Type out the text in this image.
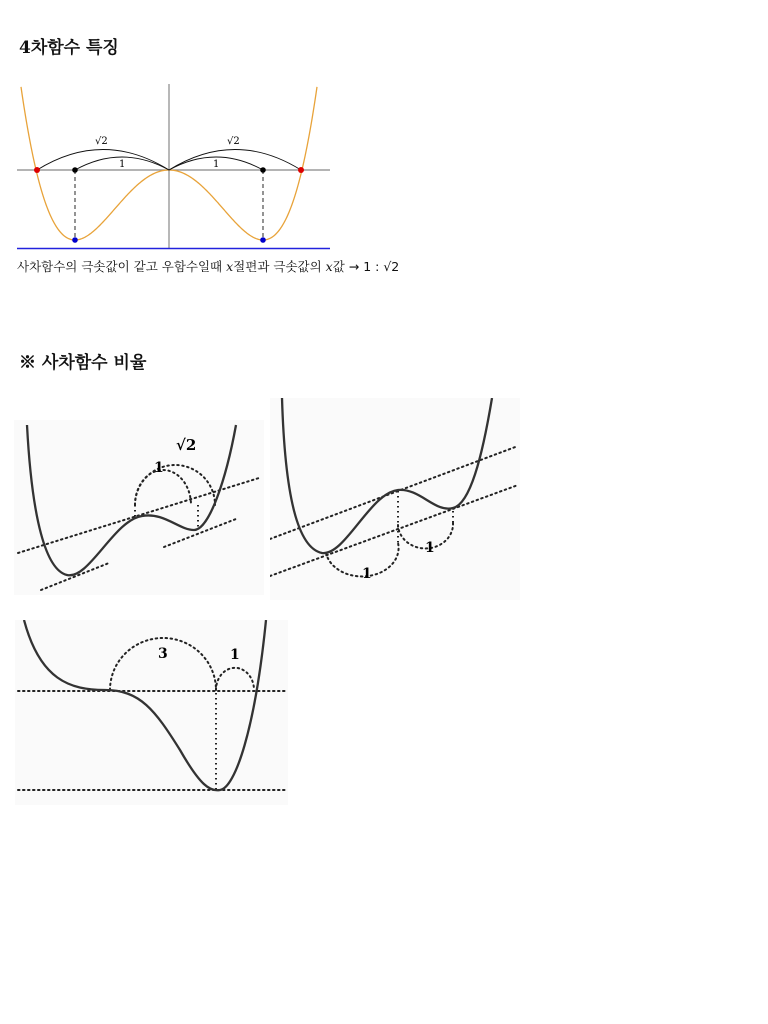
4차함수 특징
√2
1
√2
1
사차함수의 극솟값이 같고 우함수일때 x절편과 극솟값의 x값 → 1 : √2
※ 사차함수 비율
√2
1
1
1
3	1
